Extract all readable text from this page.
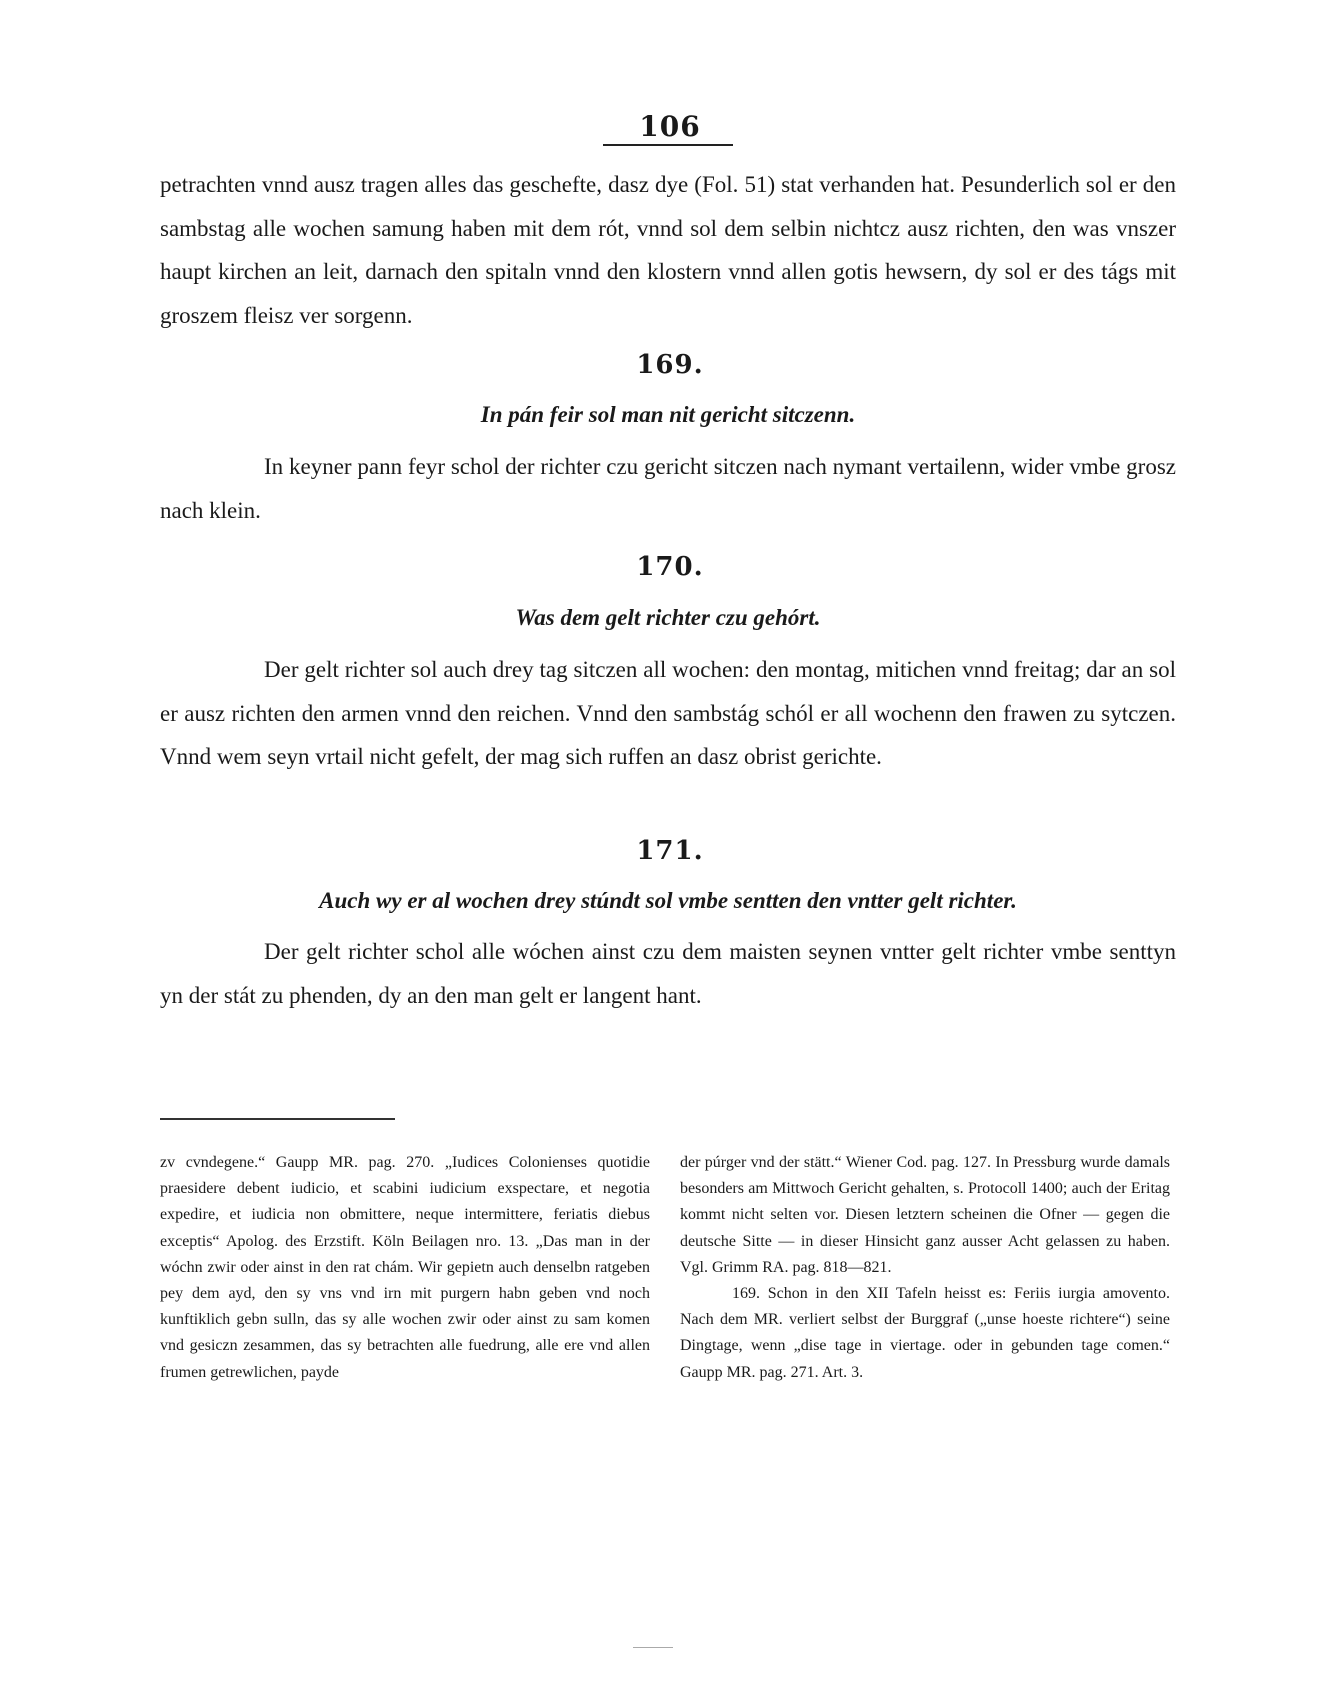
106

petrachten vnnd ausz tragen alles das geschefte, dasz dye (Fol. 51) stat verhanden hat. Pesunderlich sol er den sambstag alle wochen samung haben mit dem rót, vnnd sol dem selbin nichtcz ausz richten, den was vnszer haupt kirchen an leit, darnach den spitaln vnnd den klostern vnnd allen gotis hewsern, dy sol er des tágs mit groszem fleisz ver sorgenn.

169.
In pán feir sol man nit gericht sitczenn.

In keyner pann feyr schol der richter czu gericht sitczen nach nymant vertailenn, wider vmbe grosz nach klein.

170.
Was dem gelt richter czu gehórt.

Der gelt richter sol auch drey tag sitczen all wochen: den montag, mitichen vnnd freitag; dar an sol er ausz richten den armen vnnd den reichen. Vnnd den sambstág schól er all wochenn den frawen zu sytczen. Vnnd wem seyn vrtail nicht gefelt, der mag sich ruffen an dasz obrist gerichte.

171.
Auch wy er al wochen drey stúndt sol vmbe sentten den vntter gelt richter.

Der gelt richter schol alle wóchen ainst czu dem maisten seynen vntter gelt richter vmbe senttyn yn der stát zu phenden, dy an den man gelt er langent hant.

zv cvndegene.“ Gaupp MR. pag. 270. „Iudices Colonienses quotidie praesidere debent iudicio, et scabini iudicium exspectare, et negotia expedire, et iudicia non obmittere, neque intermittere, feriatis diebus exceptis“ Apolog. des Erzstift. Köln Beilagen nro. 13. „Das man in der wóchn zwir oder ainst in den rat chám. Wir gepietn auch denselbn ratgeben pey dem ayd, den sy vns vnd irn mit purgern habn geben vnd noch kunftiklich gebn sulln, das sy alle wochen zwir oder ainst zu sam komen vnd gesiczn zesammen, das sy betrachten alle fuedrung, alle ere vnd allen frumen getrewlichen, payde

der púrger vnd der stätt.“ Wiener Cod. pag. 127. In Pressburg wurde damals besonders am Mittwoch Gericht gehalten, s. Protocoll 1400; auch der Eritag kommt nicht selten vor. Diesen letztern scheinen die Ofner — gegen die deutsche Sitte — in dieser Hinsicht ganz ausser Acht gelassen zu haben. Vgl. Grimm RA. pag. 818—821.

169. Schon in den XII Tafeln heisst es: Feriis iurgia amovento. Nach dem MR. verliert selbst der Burggraf („unse hoeste richtere“) seine Dingtage, wenn „dise tage in viertage. oder in gebunden tage comen.“ Gaupp MR. pag. 271. Art. 3.
